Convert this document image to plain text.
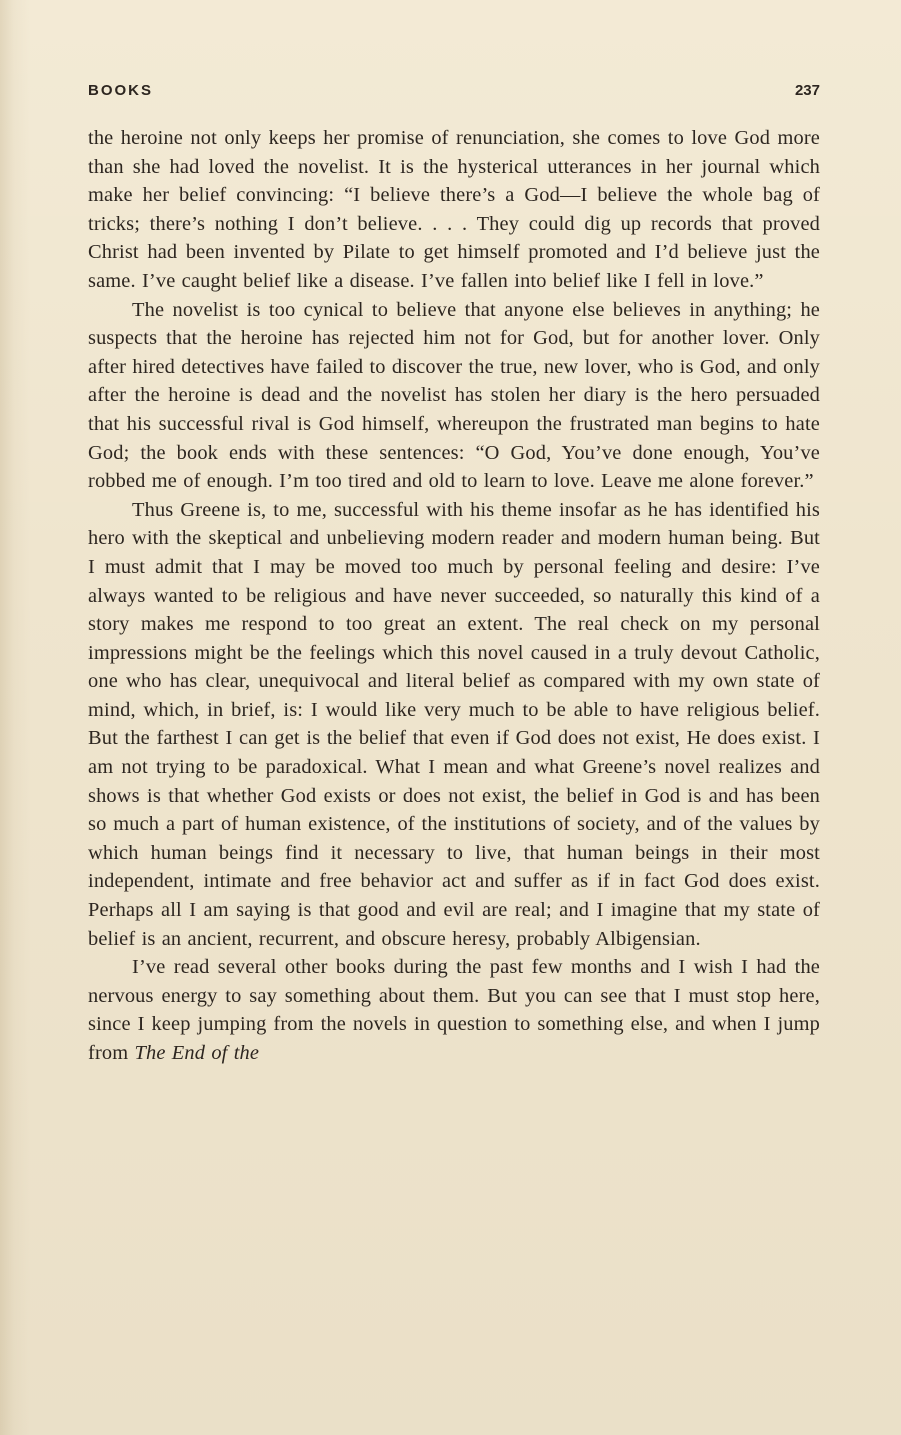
BOOKS	237

the heroine not only keeps her promise of renunciation, she comes to love God more than she had loved the novelist. It is the hysterical utterances in her journal which make her belief convincing: “I believe there’s a God—I believe the whole bag of tricks; there’s nothing I don’t believe. . . . They could dig up records that proved Christ had been invented by Pilate to get himself promoted and I’d believe just the same. I’ve caught belief like a disease. I’ve fallen into belief like I fell in love.”

The novelist is too cynical to believe that anyone else believes in anything; he suspects that the heroine has rejected him not for God, but for another lover. Only after hired detectives have failed to discover the true, new lover, who is God, and only after the heroine is dead and the novelist has stolen her diary is the hero persuaded that his successful rival is God himself, whereupon the frustrated man begins to hate God; the book ends with these sentences: “O God, You’ve done enough, You’ve robbed me of enough. I’m too tired and old to learn to love. Leave me alone forever.”

Thus Greene is, to me, successful with his theme insofar as he has identified his hero with the skeptical and unbelieving modern reader and modern human being. But I must admit that I may be moved too much by personal feeling and desire: I’ve always wanted to be religious and have never succeeded, so naturally this kind of a story makes me respond to too great an extent. The real check on my personal impressions might be the feelings which this novel caused in a truly devout Catholic, one who has clear, unequivocal and literal belief as compared with my own state of mind, which, in brief, is: I would like very much to be able to have religious belief. But the farthest I can get is the belief that even if God does not exist, He does exist. I am not trying to be paradoxical. What I mean and what Greene’s novel realizes and shows is that whether God exists or does not exist, the belief in God is and has been so much a part of human existence, of the institutions of society, and of the values by which human beings find it necessary to live, that human beings in their most independent, intimate and free behavior act and suffer as if in fact God does exist. Perhaps all I am saying is that good and evil are real; and I imagine that my state of belief is an ancient, recurrent, and obscure heresy, probably Albigensian.

I’ve read several other books during the past few months and I wish I had the nervous energy to say something about them. But you can see that I must stop here, since I keep jumping from the novels in question to something else, and when I jump from The End of the
